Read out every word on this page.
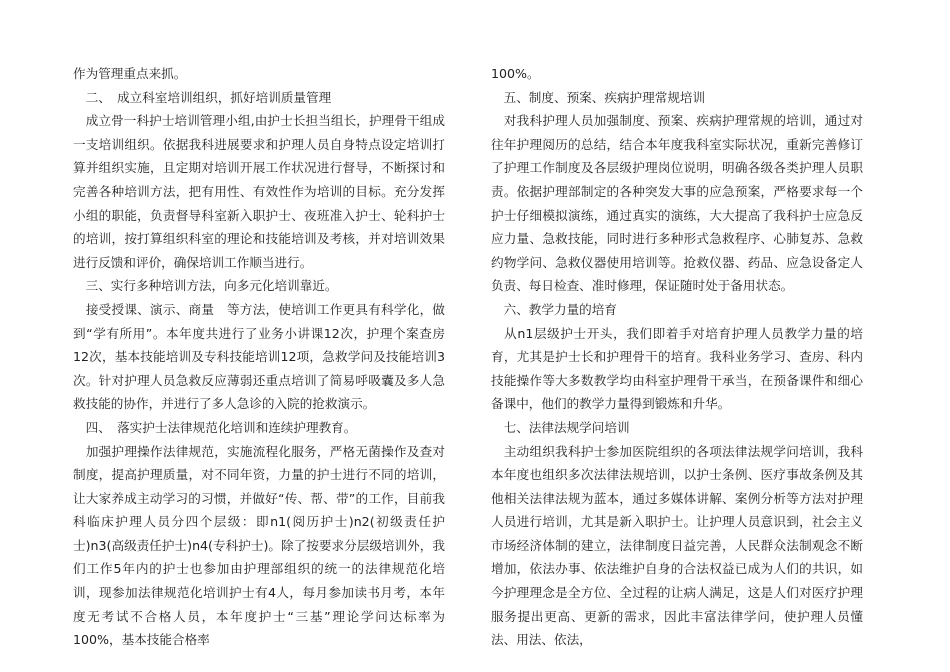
作为管理重点来抓。

　二、　成立科室培训组织，抓好培训质量管理

　成立骨一科护士培训管理小组,由护士长担当组长，护理骨干组成一支培训组织。依据我科进展要求和护理人员自身特点设定培训打算并组织实施，且定期对培训开展工作状况进行督导，不断探讨和完善各种培训方法，把有用性、有效性作为培训的目标。充分发挥小组的职能，负责督导科室新入职护士、夜班准入护士、轮科护士的培训，按打算组织科室的理论和技能培训及考核，并对培训效果进行反馈和评价，确保培训工作顺当进行。

　三、实行多种培训方法，向多元化培训靠近。

　接受授课、演示、商量　等方法，使培训工作更具有科学化，做到“学有所用”。本年度共进行了业务小讲课12次，护理个案查房12次，基本技能培训及专科技能培训12项，急救学问及技能培训3次。针对护理人员急救反应薄弱还重点培训了简易呼吸囊及多人急救技能的协作，并进行了多人急诊的入院的抢救演示。

　四、　落实护士法律规范化培训和连续护理教育。

　加强护理操作法律规范，实施流程化服务，严格无菌操作及查对制度，提高护理质量，对不同年资，力量的护士进行不同的培训，让大家养成主动学习的习惯，并做好“传、帮、带”的工作，目前我科临床护理人员分四个层级：即n1(阅历护士)n2(初级责任护士)n3(高级责任护士)n4(专科护士)。除了按要求分层级培训外，我们工作5年内的护士也参加由护理部组织的统一的法律规范化培训，现参加法律规范化培训护士有4人，每月参加读书月考，本年度无考试不合格人员，本年度护士“三基”理论学问达标率为100%，基本技能合格率

100%。

　五、制度、预案、疾病护理常规培训

　对我科护理人员加强制度、预案、疾病护理常规的培训，通过对往年护理阅历的总结，结合本年度我科室实际状况，重新完善修订了护理工作制度及各层级护理岗位说明，明确各级各类护理人员职责。依据护理部制定的各种突发大事的应急预案，严格要求每一个护士仔细模拟演练，通过真实的演练，大大提高了我科护士应急反应力量、急救技能，同时进行多种形式急救程序、心肺复苏、急救约物学问、急救仪器使用培训等。抢救仪器、药品、应急设备定人负责、每日检查、准时修理，保证随时处于备用状态。

　六、教学力量的培育

　从n1层级护士开头，我们即着手对培育护理人员教学力量的培育，尤其是护士长和护理骨干的培育。我科业务学习、查房、科内技能操作等大多数教学均由科室护理骨干承当，在预备课件和细心备课中，他们的教学力量得到锻炼和升华。

　七、法律法规学问培训

　主动组织我科护士参加医院组织的各项法律法规学问培训，我科本年度也组织多次法律法规培训，以护士条例、医疗事故条例及其他相关法律法规为蓝本，通过多媒体讲解、案例分析等方法对护理人员进行培训，尤其是新入职护士。让护理人员意识到，社会主义市场经济体制的建立，法律制度日益完善，人民群众法制观念不断增加，依法办事、依法维护自身的合法权益已成为人们的共识，如今护理理念是全方位、全过程的让病人满足，这是人们对医疗护理服务提出更高、更新的需求，因此丰富法律学问，使护理人员懂法、用法、依法，
